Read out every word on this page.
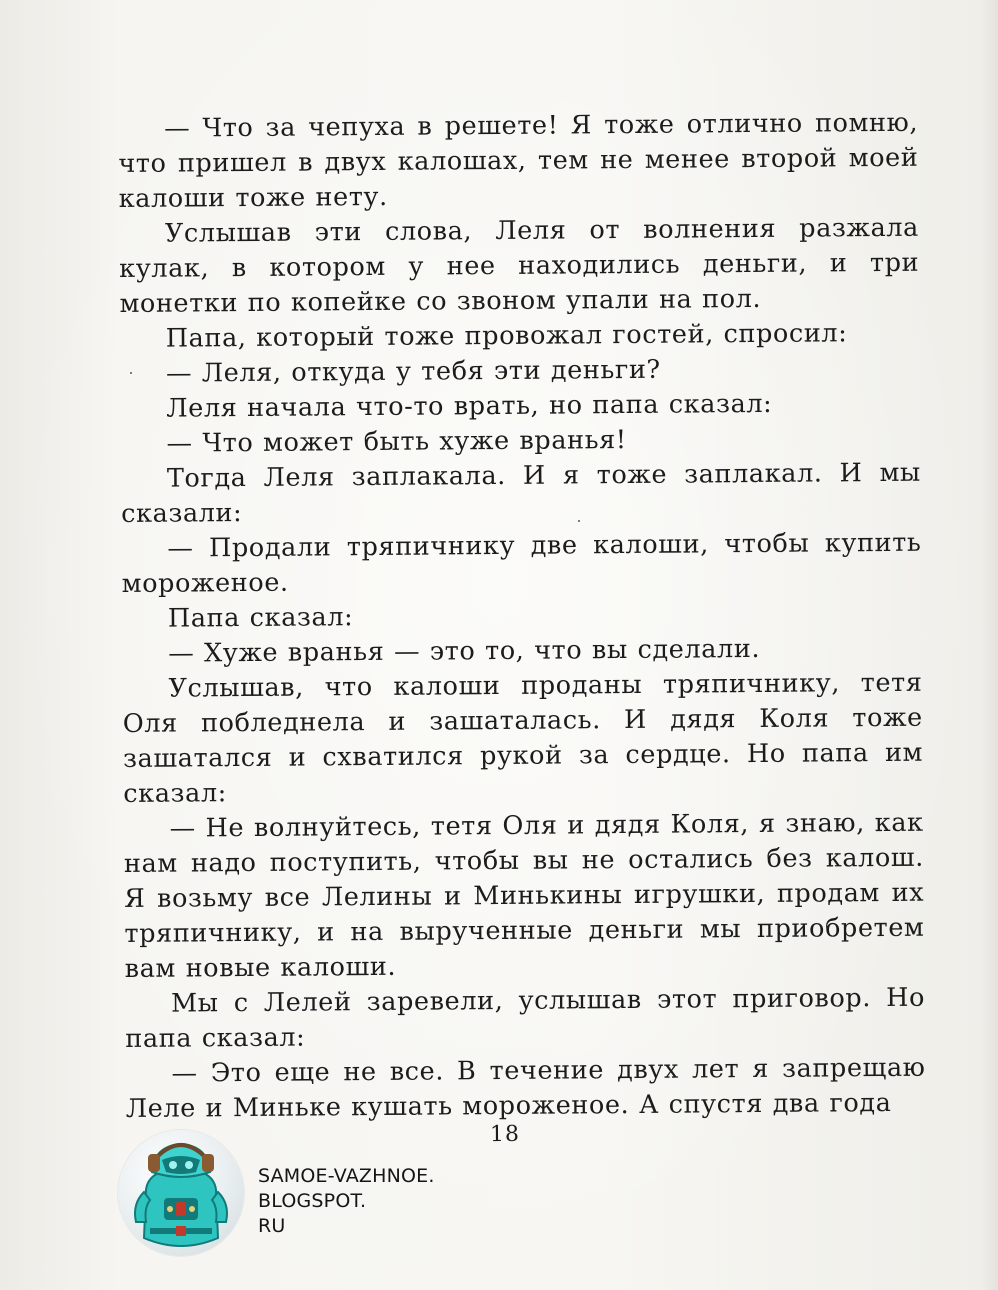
— Что за чепуха в решете! Я тоже отлично помню, что пришел в двух калошах, тем не менее второй моей калоши тоже нету.

Услышав эти слова, Леля от волнения разжала кулак, в котором у нее находились деньги, и три монетки по копейке со звоном упали на пол.

Папа, который тоже провожал гостей, спросил:

— Леля, откуда у тебя эти деньги?

Леля начала что-то врать, но папа сказал:

— Что может быть хуже вранья!

Тогда Леля заплакала. И я тоже заплакал. И мы сказали:

— Продали тряпичнику две калоши, чтобы купить мороженое.

Папа сказал:

— Хуже вранья — это то, что вы сделали.

Услышав, что калоши проданы тряпичнику, тетя Оля побледнела и зашаталась. И дядя Коля тоже зашатался и схватился рукой за сердце. Но папа им сказал:

— Не волнуйтесь, тетя Оля и дядя Коля, я знаю, как нам надо поступить, чтобы вы не остались без калош. Я возьму все Лелины и Минькины игрушки, продам их тряпичнику, и на вырученные деньги мы приобретем вам новые калоши.

Мы с Лелей заревели, услышав этот приговор. Но папа сказал:

— Это еще не все. В течение двух лет я запрещаю Леле и Миньке кушать мороженое. А спустя два года

18
SAMOE-VAZHNOE.
BLOGSPOT.
RU
